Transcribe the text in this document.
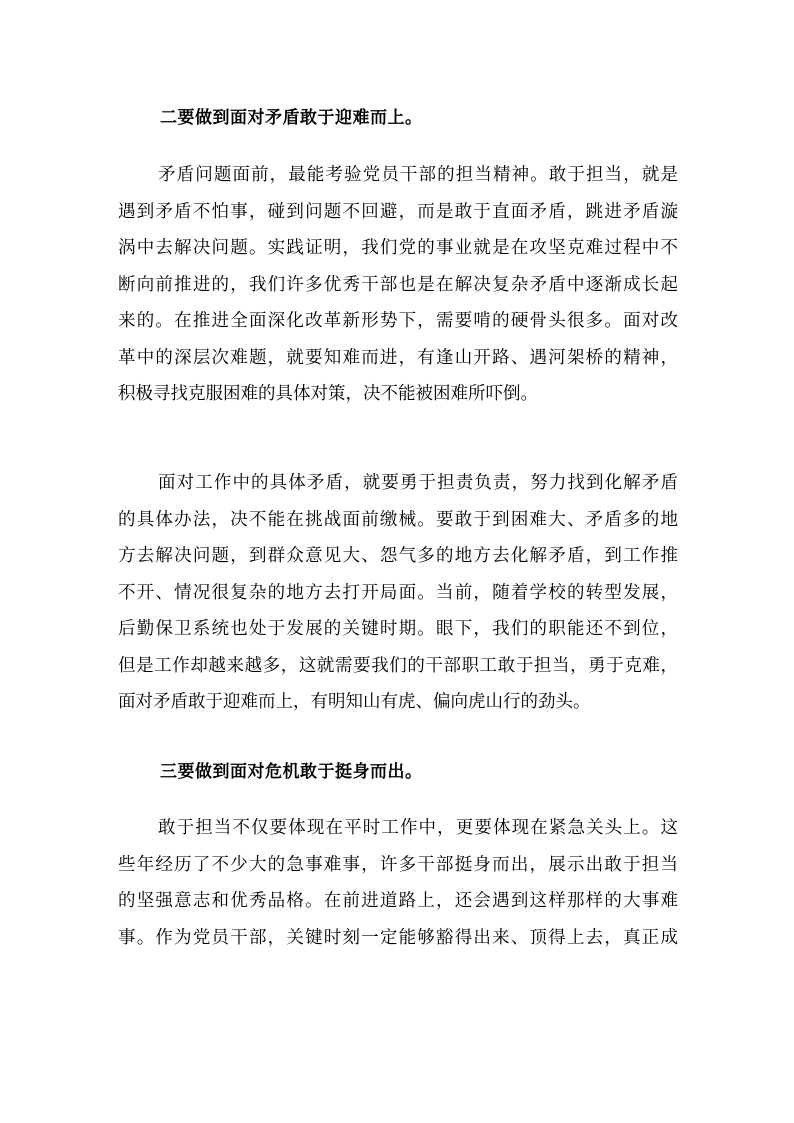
二要做到面对矛盾敢于迎难而上。
矛盾问题面前，最能考验党员干部的担当精神。敢于担当，就是
遇到矛盾不怕事，碰到问题不回避，而是敢于直面矛盾，跳进矛盾漩
涡中去解决问题。实践证明，我们党的事业就是在攻坚克难过程中不
断向前推进的，我们许多优秀干部也是在解决复杂矛盾中逐渐成长起
来的。在推进全面深化改革新形势下，需要啃的硬骨头很多。面对改
革中的深层次难题，就要知难而进，有逢山开路、遇河架桥的精神，
积极寻找克服困难的具体对策，决不能被困难所吓倒。
面对工作中的具体矛盾，就要勇于担责负责，努力找到化解矛盾
的具体办法，决不能在挑战面前缴械。要敢于到困难大、矛盾多的地
方去解决问题，到群众意见大、怨气多的地方去化解矛盾，到工作推
不开、情况很复杂的地方去打开局面。当前，随着学校的转型发展，
后勤保卫系统也处于发展的关键时期。眼下，我们的职能还不到位，
但是工作却越来越多，这就需要我们的干部职工敢于担当，勇于克难，
面对矛盾敢于迎难而上，有明知山有虎、偏向虎山行的劲头。
三要做到面对危机敢于挺身而出。
敢于担当不仅要体现在平时工作中，更要体现在紧急关头上。这
些年经历了不少大的急事难事，许多干部挺身而出，展示出敢于担当
的坚强意志和优秀品格。在前进道路上，还会遇到这样那样的大事难
事。作为党员干部，关键时刻一定能够豁得出来、顶得上去，真正成
